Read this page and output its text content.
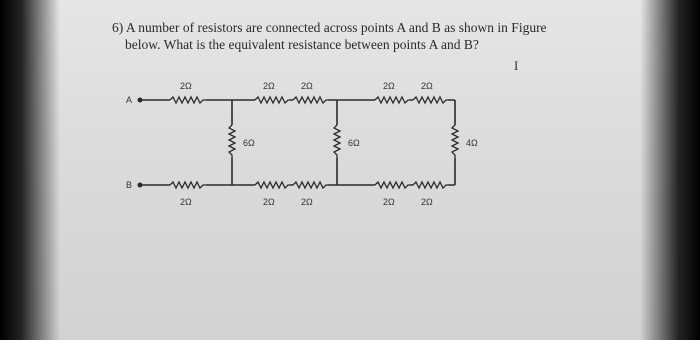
6) A number of resistors are connected across points A and B as shown in Figure
below. What is the equivalent resistance between points A and B?
I
A
B
2Ω	2Ω	2Ω	2Ω	2Ω
2Ω	2Ω	2Ω	2Ω	2Ω
6Ω	6Ω	4Ω
